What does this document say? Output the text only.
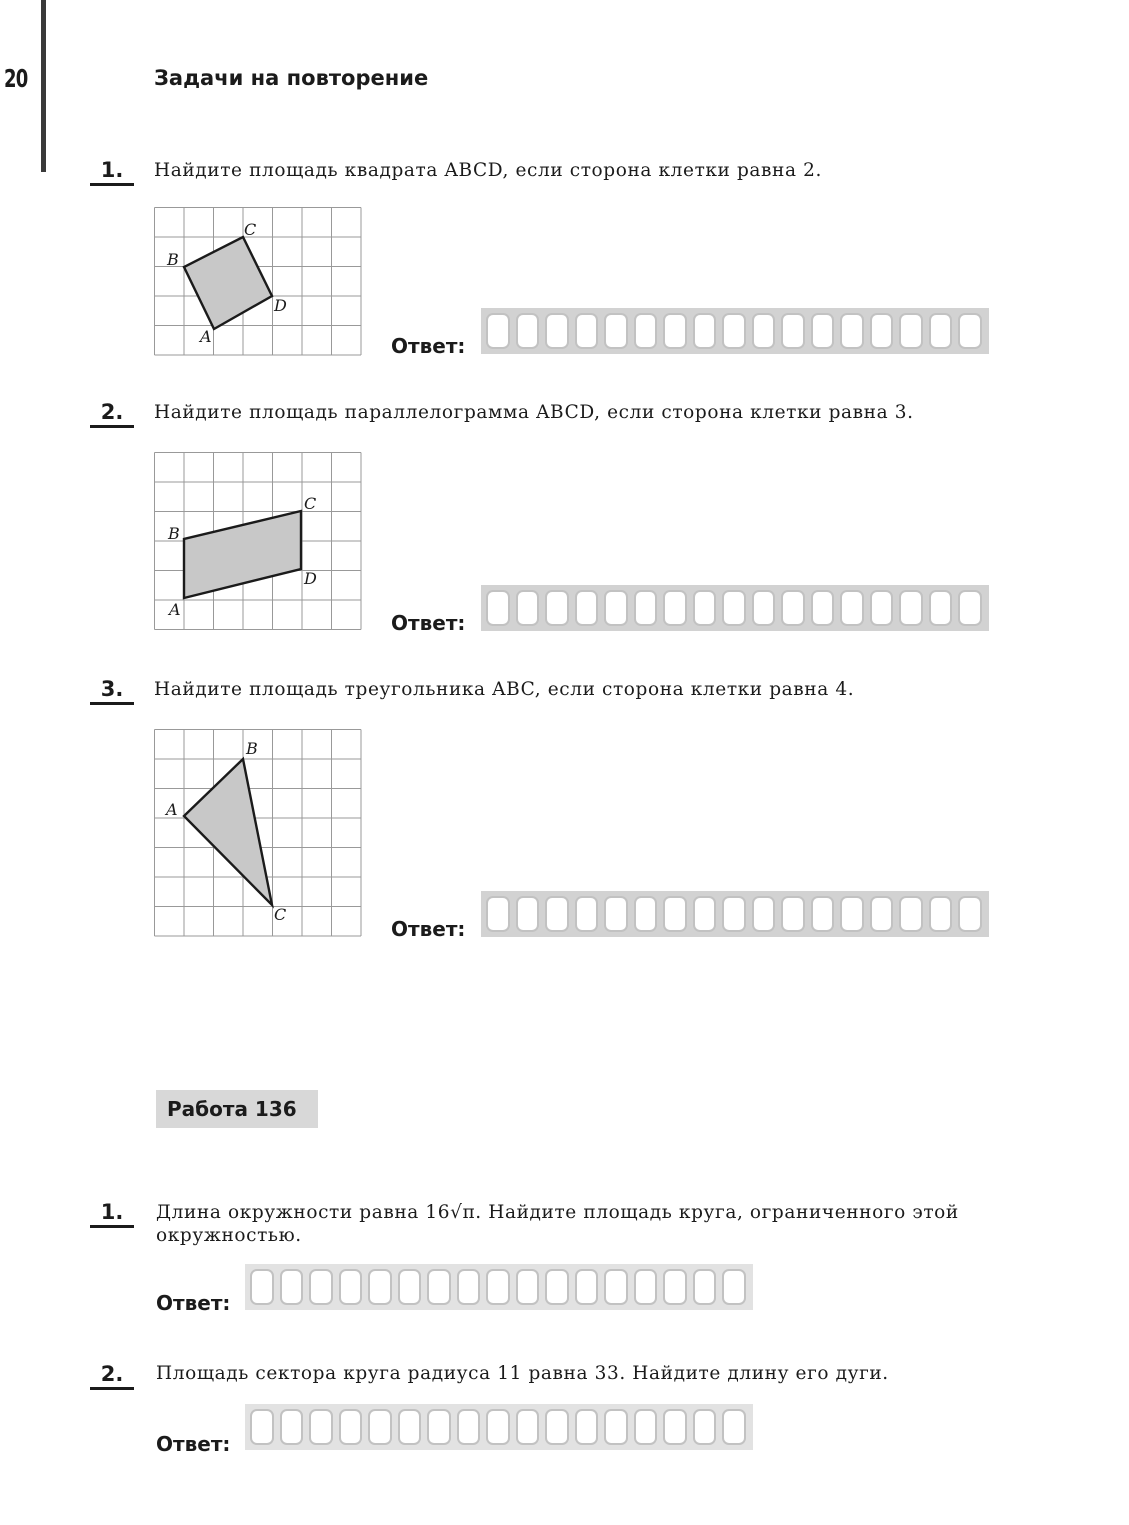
20	Задачи на повторение
1.	Найдите площадь квадрата ABCD, если сторона клетки равна 2.
A
B
C
D
Ответ:
2.	Найдите площадь параллелограмма ABCD, если сторона клетки равна 3.
A
B
C
D
Ответ:
3.	Найдите площадь треугольника ABC, если сторона клетки равна 4.
A
B
C
Ответ:
Работа 136
1.	Длина окружности равна 16√π. Найдите площадь круга, ограниченного этой окружностью.
Ответ:
2.	Площадь сектора круга радиуса 11 равна 33. Найдите длину его дуги.
Ответ:
